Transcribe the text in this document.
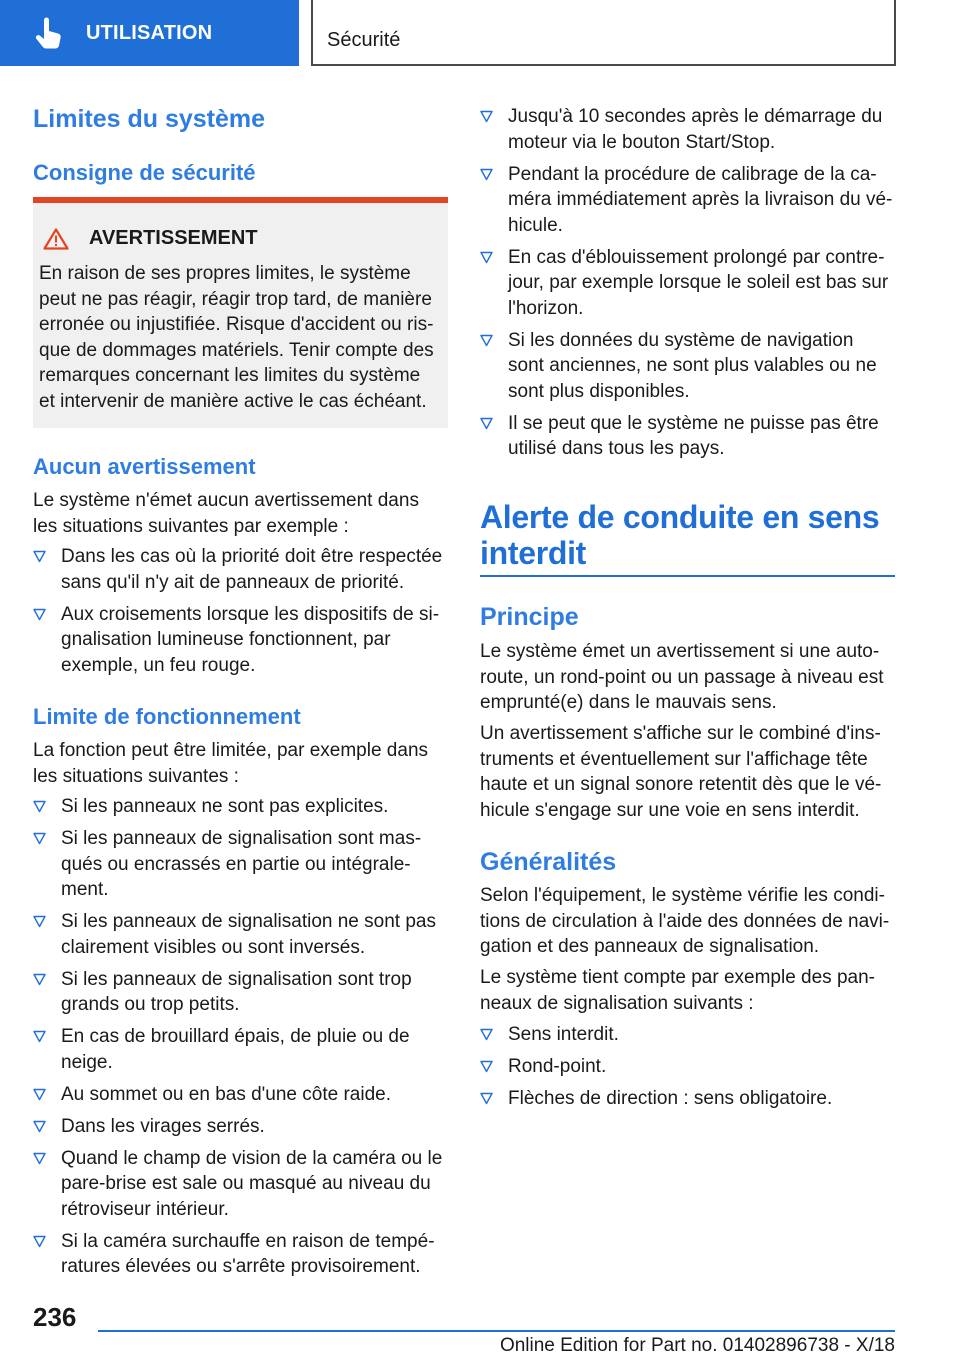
UTILISATION	Sécurité
Limites du système
Consigne de sécurité
AVERTISSEMENT
En raison de ses propres limites, le système
peut ne pas réagir, réagir trop tard, de manière
erronée ou injustifiée. Risque d'accident ou ris-
que de dommages matériels. Tenir compte des
remarques concernant les limites du système
et intervenir de manière active le cas échéant.
Aucun avertissement
Le système n'émet aucun avertissement dans
les situations suivantes par exemple :
Dans les cas où la priorité doit être respectée
sans qu'il n'y ait de panneaux de priorité.
Aux croisements lorsque les dispositifs de si-
gnalisation lumineuse fonctionnent, par
exemple, un feu rouge.
Limite de fonctionnement
La fonction peut être limitée, par exemple dans
les situations suivantes :
Si les panneaux ne sont pas explicites.
Si les panneaux de signalisation sont mas-
qués ou encrassés en partie ou intégrale-
ment.
Si les panneaux de signalisation ne sont pas
clairement visibles ou sont inversés.
Si les panneaux de signalisation sont trop
grands ou trop petits.
En cas de brouillard épais, de pluie ou de
neige.
Au sommet ou en bas d'une côte raide.
Dans les virages serrés.
Quand le champ de vision de la caméra ou le
pare-brise est sale ou masqué au niveau du
rétroviseur intérieur.
Si la caméra surchauffe en raison de tempé-
ratures élevées ou s'arrête provisoirement.
Jusqu'à 10 secondes après le démarrage du
moteur via le bouton Start/Stop.
Pendant la procédure de calibrage de la ca-
méra immédiatement après la livraison du vé-
hicule.
En cas d'éblouissement prolongé par contre-
jour, par exemple lorsque le soleil est bas sur
l'horizon.
Si les données du système de navigation
sont anciennes, ne sont plus valables ou ne
sont plus disponibles.
Il se peut que le système ne puisse pas être
utilisé dans tous les pays.
Alerte de conduite en sens
interdit
Principe
Le système émet un avertissement si une auto-
route, un rond-point ou un passage à niveau est
emprunté(e) dans le mauvais sens.
Un avertissement s'affiche sur le combiné d'ins-
truments et éventuellement sur l'affichage tête
haute et un signal sonore retentit dès que le vé-
hicule s'engage sur une voie en sens interdit.
Généralités
Selon l'équipement, le système vérifie les condi-
tions de circulation à l'aide des données de navi-
gation et des panneaux de signalisation.
Le système tient compte par exemple des pan-
neaux de signalisation suivants :
Sens interdit.
Rond-point.
Flèches de direction : sens obligatoire.
236
Online Edition for Part no. 01402896738 - X/18
